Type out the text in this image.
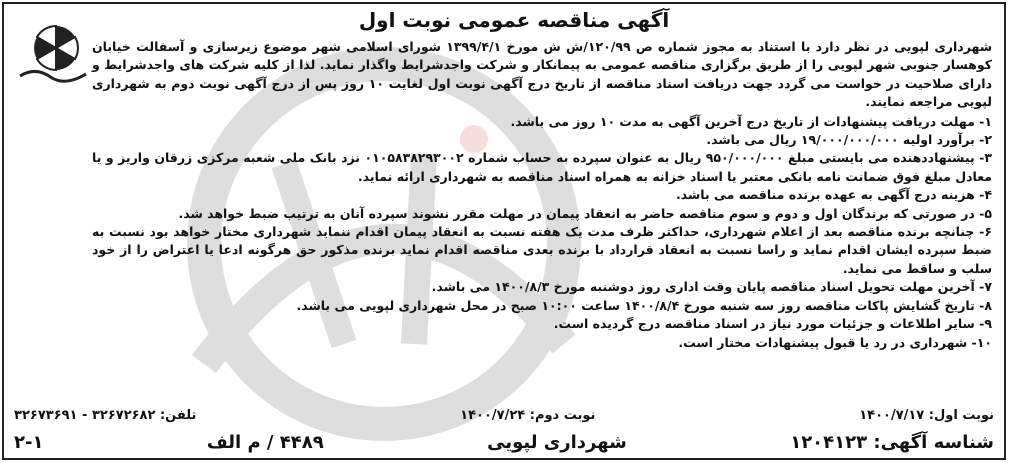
آگهی مناقصه عمومی نوبت اول

شهرداری لپویی در نظر دارد با استناد به مجوز شماره ص ۱۲۰/۹۹/ش ش مورخ ۱۳۹۹/۴/۱ شورای اسلامی شهر موضوع زیرسازی و آسفالت خیابان کوهسار جنوبی شهر لپویی را از طریق برگزاری مناقصه عمومی به پیمانکار و شرکت واجدشرایط واگذار نماید. لذا از کلیه شرکت های واجدشرایط و دارای صلاحیت در خواست می گردد جهت دریافت اسناد مناقصه از تاریخ درج آگهی نوبت اول لغایت ۱۰ روز پس از درج آگهی نوبت دوم به شهرداری لپویی مراجعه نمایند.

۱- مهلت دریافت پیشنهادات از تاریخ درج آخرین آگهی به مدت ۱۰ روز می باشد.

۲- برآورد اولیه ۱۹/۰۰۰/۰۰۰/۰۰۰ ریال می باشد.

۳- پیشنهاددهنده می بایستی مبلغ ۹۵۰/۰۰۰/۰۰۰ ریال به عنوان سپرده به حساب شماره ۰۱۰۵۸۳۸۲۹۳۰۰۲ نزد بانک ملی شعبه مرکزی زرقان واریز و یا معادل مبلغ فوق ضمانت نامه بانکی معتبر یا اسناد خزانه به همراه اسناد مناقصه به شهرداری ارائه نماید.

۴- هزینه درج آگهی به عهده برنده مناقصه می باشد.

۵- در صورتی که برندگان اول و دوم و سوم مناقصه حاضر به انعقاد پیمان در مهلت مقرر نشوند سپرده آنان به ترتیب ضبط خواهد شد.

۶- چنانچه برنده مناقصه بعد از اعلام شهرداری، حداکثر ظرف مدت یک هفته نسبت به انعقاد پیمان اقدام ننماید شهرداری مختار خواهد بود نسبت به ضبط سپرده ایشان اقدام نماید و راسا نسبت به انعقاد قرارداد با برنده بعدی مناقصه اقدام نماید برنده مذکور حق هرگونه ادعا یا اعتراض را از خود سلب و ساقط می نماید.

۷- آخرین مهلت تحویل اسناد مناقصه پایان وقت اداری روز دوشنبه مورخ ۱۴۰۰/۸/۳ می باشد.

۸- تاریخ گشایش پاکات مناقصه روز سه شنبه مورخ ۱۴۰۰/۸/۴ ساعت ۱۰:۰۰ صبح در محل شهرداری لپویی می باشد.

۹- سایر اطلاعات و جزئیات مورد نیاز در اسناد مناقصه درج گردیده است.

۱۰- شهرداری در رد یا قبول پیشنهادات مختار است.

نوبت اول: ۱۴۰۰/۷/۱۷
نوبت دوم: ۱۴۰۰/۷/۲۴
تلفن: ۳۲۶۷۲۶۸۲ - ۳۲۶۷۳۶۹۱
شناسه آگهی: ۱۲۰۴۱۲۳
شهرداری لپویی
۴۴۸۹ / م الف
۲-۱
